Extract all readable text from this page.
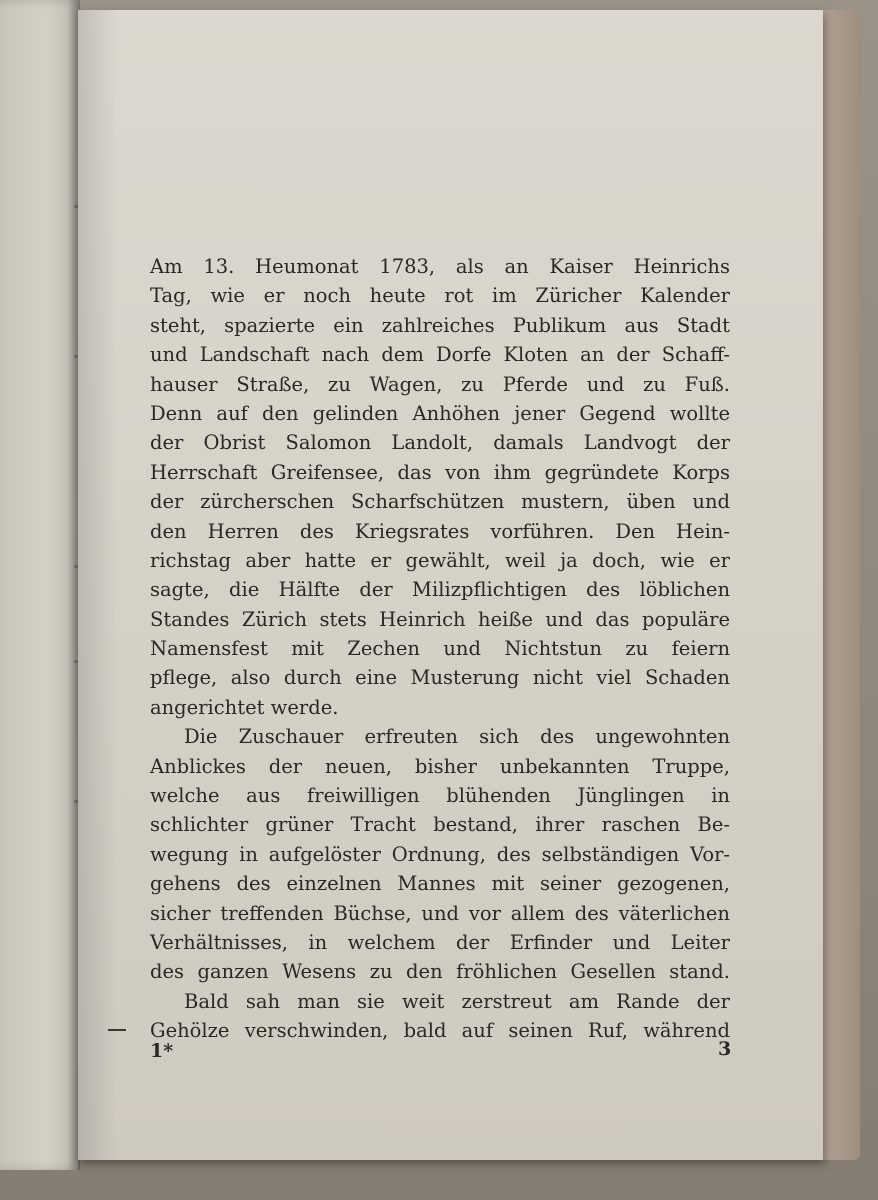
Am 13. Heumonat 1783, als an Kaiser Heinrichs
Tag, wie er noch heute rot im Züricher Kalender
steht, spazierte ein zahlreiches Publikum aus Stadt
und Landschaft nach dem Dorfe Kloten an der Schaff-
hauser Straße, zu Wagen, zu Pferde und zu Fuß.
Denn auf den gelinden Anhöhen jener Gegend wollte
der Obrist Salomon Landolt, damals Landvogt der
Herrschaft Greifensee, das von ihm gegründete Korps
der zürcherschen Scharfschützen mustern, üben und
den Herren des Kriegsrates vorführen. Den Hein-
richstag aber hatte er gewählt, weil ja doch, wie er
sagte, die Hälfte der Milizpflichtigen des löblichen
Standes Zürich stets Heinrich heiße und das populäre
Namensfest mit Zechen und Nichtstun zu feiern
pflege, also durch eine Musterung nicht viel Schaden
angerichtet werde.
Die Zuschauer erfreuten sich des ungewohnten
Anblickes der neuen, bisher unbekannten Truppe,
welche aus freiwilligen blühenden Jünglingen in
schlichter grüner Tracht bestand, ihrer raschen Be-
wegung in aufgelöster Ordnung, des selbständigen Vor-
gehens des einzelnen Mannes mit seiner gezogenen,
sicher treffenden Büchse, und vor allem des väterlichen
Verhältnisses, in welchem der Erfinder und Leiter
des ganzen Wesens zu den fröhlichen Gesellen stand.
Bald sah man sie weit zerstreut am Rande der
Gehölze verschwinden, bald auf seinen Ruf, während
1*	3
